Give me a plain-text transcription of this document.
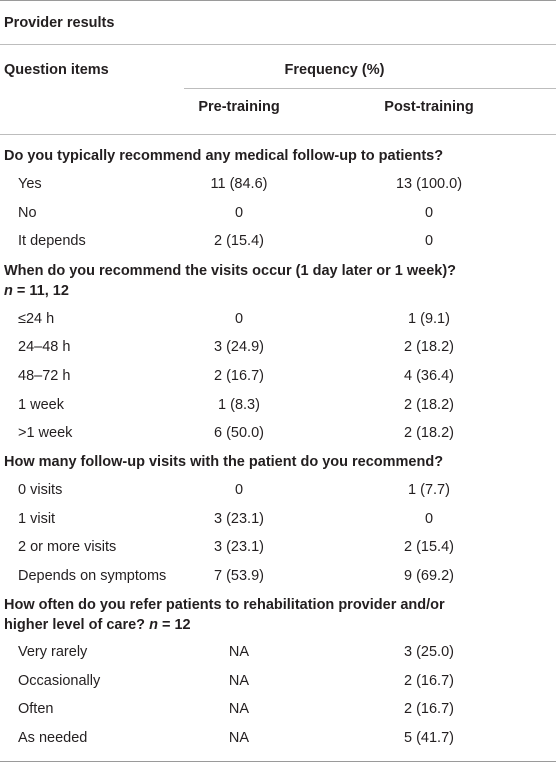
Provider results
Question items	Frequency (%)
Pre-training	Post-training
Do you typically recommend any medical follow-up to patients?
Yes	11 (84.6)	13 (100.0)
No	0	0
It depends	2 (15.4)	0
When do you recommend the visits occur (1 day later or 1 week)?
n = 11, 12
≤24 h	0	1 (9.1)
24–48 h	3 (24.9)	2 (18.2)
48–72 h	2 (16.7)	4 (36.4)
1 week	1 (8.3)	2 (18.2)
>1 week	6 (50.0)	2 (18.2)
How many follow-up visits with the patient do you recommend?
0 visits	0	1 (7.7)
1 visit	3 (23.1)	0
2 or more visits	3 (23.1)	2 (15.4)
Depends on symptoms	7 (53.9)	9 (69.2)
How often do you refer patients to rehabilitation provider and/or
higher level of care? n = 12
Very rarely	NA	3 (25.0)
Occasionally	NA	2 (16.7)
Often	NA	2 (16.7)
As needed	NA	5 (41.7)
